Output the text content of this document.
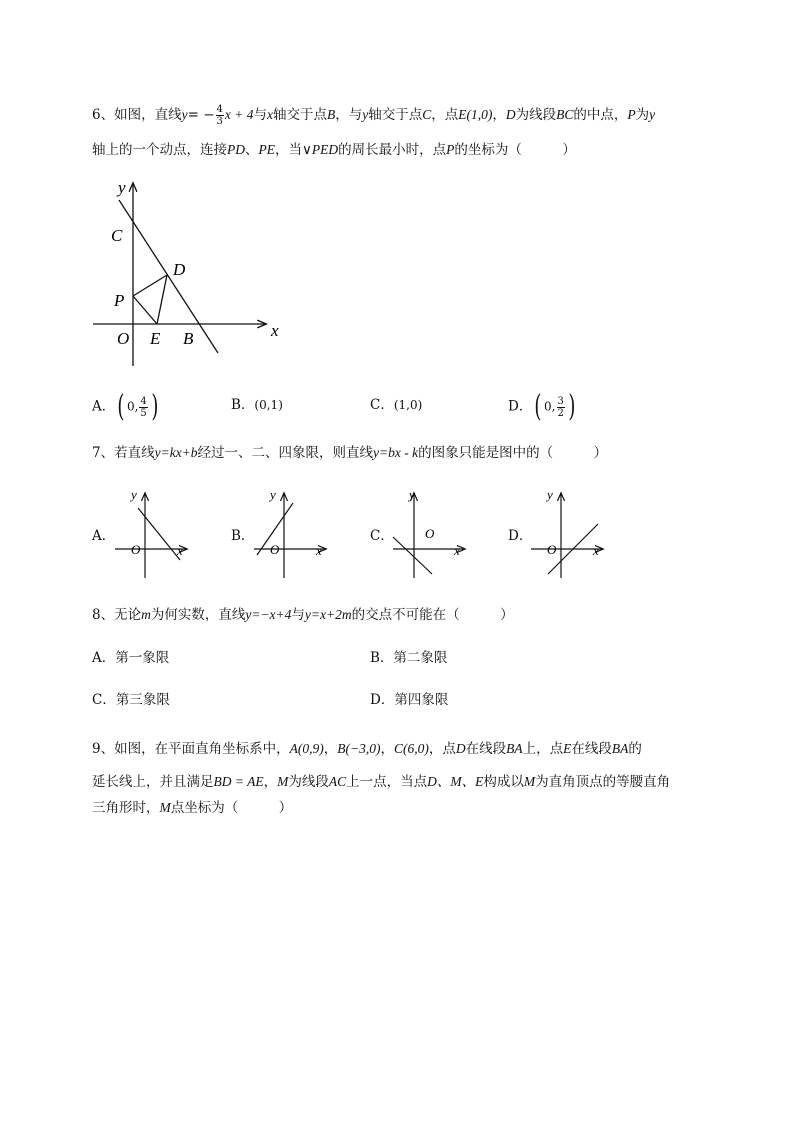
6、如图，直线$y= - \frac{4}{3}$ x + 4与x轴交于点B，与y轴交于点C，点E(1,0)，D为线段BC的中点，P为y
轴上的一个动点，连接PD、PE，当∨PED的周长最小时，点P的坐标为（　　　）
y
x
C
D
P
O E B
A．( 0, $\frac{4}{5}$ )	B．(0,1)	C．(1,0)	D．( 0, $\frac{3}{2}$ )
7、若直线y=kx+b经过一、二、四象限，则直线y=bx - k的图象只能是图中的（　　　）
A．
y
x
O
B．
y
x
O
C．
y
x
O	D．
y
x
O
8、无论m为何实数，直线y=−x+4与y=x+2m的交点不可能在（　　　）
A．第一象限	B．第二象限
C．第三象限	D．第四象限
9、如图，在平面直角坐标系中，A(0,9)，B(−3,0)，C(6,0)，点D在线段BA上，点E在线段BA的
延长线上，并且满足BD = AE，M为线段AC上一点，当点D、M、E构成以M为直角顶点的等腰直角
三角形时，M点坐标为（　　　）
